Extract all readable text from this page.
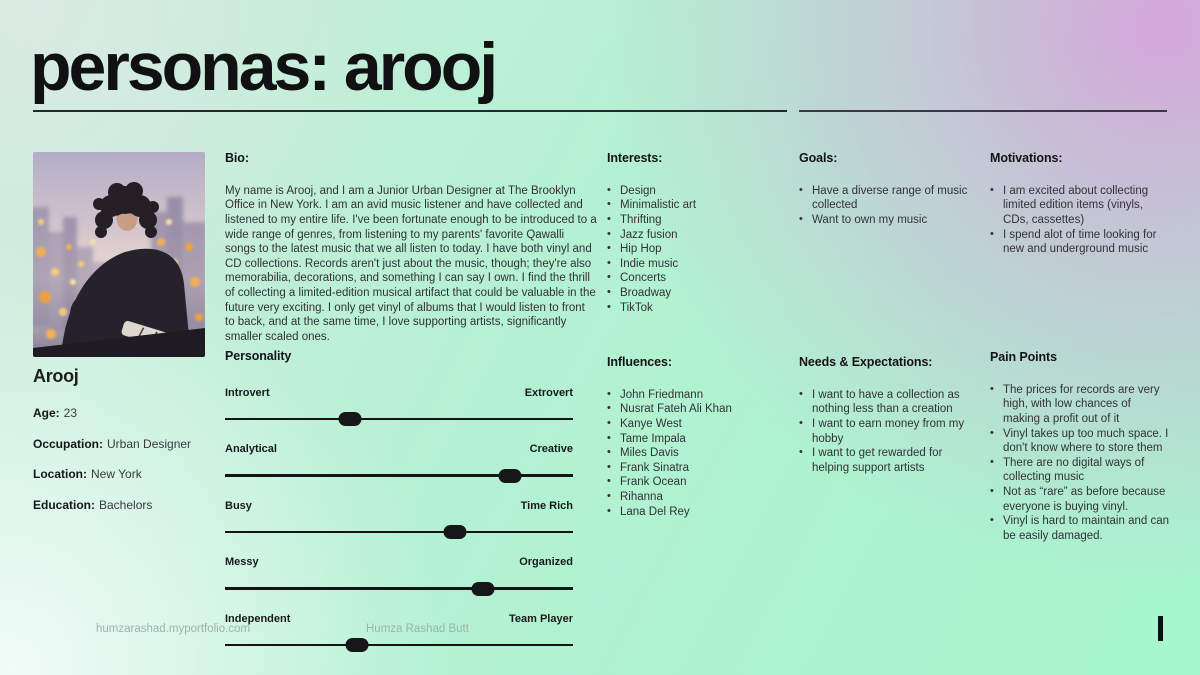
personas: arooj
Arooj
Age: 23
Occupation: Urban Designer
Location: New York
Education: Bachelors
Bio:

My name is Arooj, and I am a Junior Urban Designer at The Brooklyn Office in New York. I am an avid music listener and have collected and listened to my entire life. I've been fortunate enough to be introduced to a wide range of genres, from listening to my parents' favorite Qawalli songs to the latest music that we all listen to today. I have both vinyl and CD collections. Records aren't just about the music, though; they're also memorabilia, decorations, and something I can say I own. I find the thrill of collecting a limited-edition musical artifact that could be valuable in the future very exciting. I only get vinyl of albums that I would listen to front to back, and at the same time, I love supporting artists, significantly smaller scaled ones.

Interests:
• Design
• Minimalistic art
• Thrifting
• Jazz fusion
• Hip Hop
• Indie music
• Concerts
• Broadway
• TikTok
Goals:
• Have a diverse range of music collected
• Want to own my music
Motivations:
• I am excited about collecting limited edition items (vinyls, CDs, cassettes)
• I spend alot of time looking for new and underground music
Personality
Introvert	Extrovert
Analytical	Creative
Busy	Time Rich
Messy	Organized
Independent	Team Player
Influences:
• John Friedmann
• Nusrat Fateh Ali Khan
• Kanye West
• Tame Impala
• Miles Davis
• Frank Sinatra
• Frank Ocean
• Rihanna
• Lana Del Rey
Needs & Expectations:
• I want to have a collection as nothing less than a creation
• I want to earn money from my hobby
• I want to get rewarded for helping support artists
Pain Points
• The prices for records are very high, with low chances of making a profit out of it
• Vinyl takes up too much space. I don't know where to store them
• There are no digital ways of collecting music
• Not as “rare” as before because everyone is buying vinyl.
• Vinyl is hard to maintain and can be easily damaged.
humzarashad.myportfolio.com	Humza Rashad Butt
